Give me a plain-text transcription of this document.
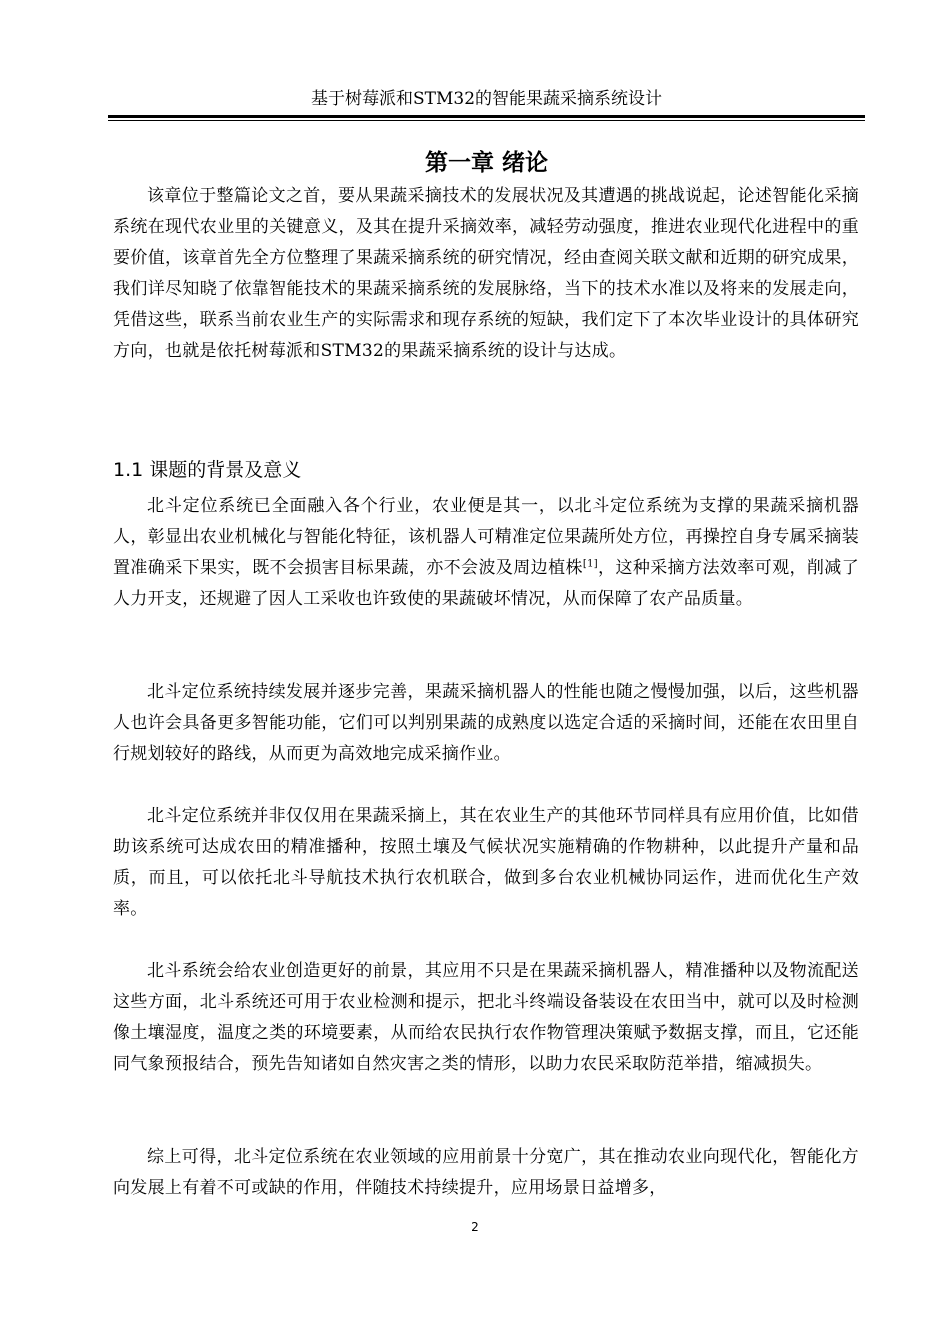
基于树莓派和STM32的智能果蔬采摘系统设计
第一章 绪论

该章位于整篇论文之首，要从果蔬采摘技术的发展状况及其遭遇的挑战说起，论述智能化采摘系统在现代农业里的关键意义，及其在提升采摘效率，减轻劳动强度，推进农业现代化进程中的重要价值，该章首先全方位整理了果蔬采摘系统的研究情况，经由查阅关联文献和近期的研究成果，我们详尽知晓了依靠智能技术的果蔬采摘系统的发展脉络，当下的技术水准以及将来的发展走向，凭借这些，联系当前农业生产的实际需求和现存系统的短缺，我们定下了本次毕业设计的具体研究方向，也就是依托树莓派和STM32的果蔬采摘系统的设计与达成。

1.1 课题的背景及意义

北斗定位系统已全面融入各个行业，农业便是其一，以北斗定位系统为支撑的果蔬采摘机器人，彰显出农业机械化与智能化特征，该机器人可精准定位果蔬所处方位，再操控自身专属采摘装置准确采下果实，既不会损害目标果蔬，亦不会波及周边植株[1]，这种采摘方法效率可观，削减了人力开支，还规避了因人工采收也许致使的果蔬破坏情况，从而保障了农产品质量。

北斗定位系统持续发展并逐步完善，果蔬采摘机器人的性能也随之慢慢加强，以后，这些机器人也许会具备更多智能功能，它们可以判别果蔬的成熟度以选定合适的采摘时间，还能在农田里自行规划较好的路线，从而更为高效地完成采摘作业。

北斗定位系统并非仅仅用在果蔬采摘上，其在农业生产的其他环节同样具有应用价值，比如借助该系统可达成农田的精准播种，按照土壤及气候状况实施精确的作物耕种，以此提升产量和品质，而且，可以依托北斗导航技术执行农机联合，做到多台农业机械协同运作，进而优化生产效率。

北斗系统会给农业创造更好的前景，其应用不只是在果蔬采摘机器人，精准播种以及物流配送这些方面，北斗系统还可用于农业检测和提示，把北斗终端设备装设在农田当中，就可以及时检测像土壤湿度，温度之类的环境要素，从而给农民执行农作物管理决策赋予数据支撑，而且，它还能同气象预报结合，预先告知诸如自然灾害之类的情形，以助力农民采取防范举措，缩减损失。

综上可得，北斗定位系统在农业领域的应用前景十分宽广，其在推动农业向现代化，智能化方向发展上有着不可或缺的作用，伴随技术持续提升，应用场景日益增多，

2
